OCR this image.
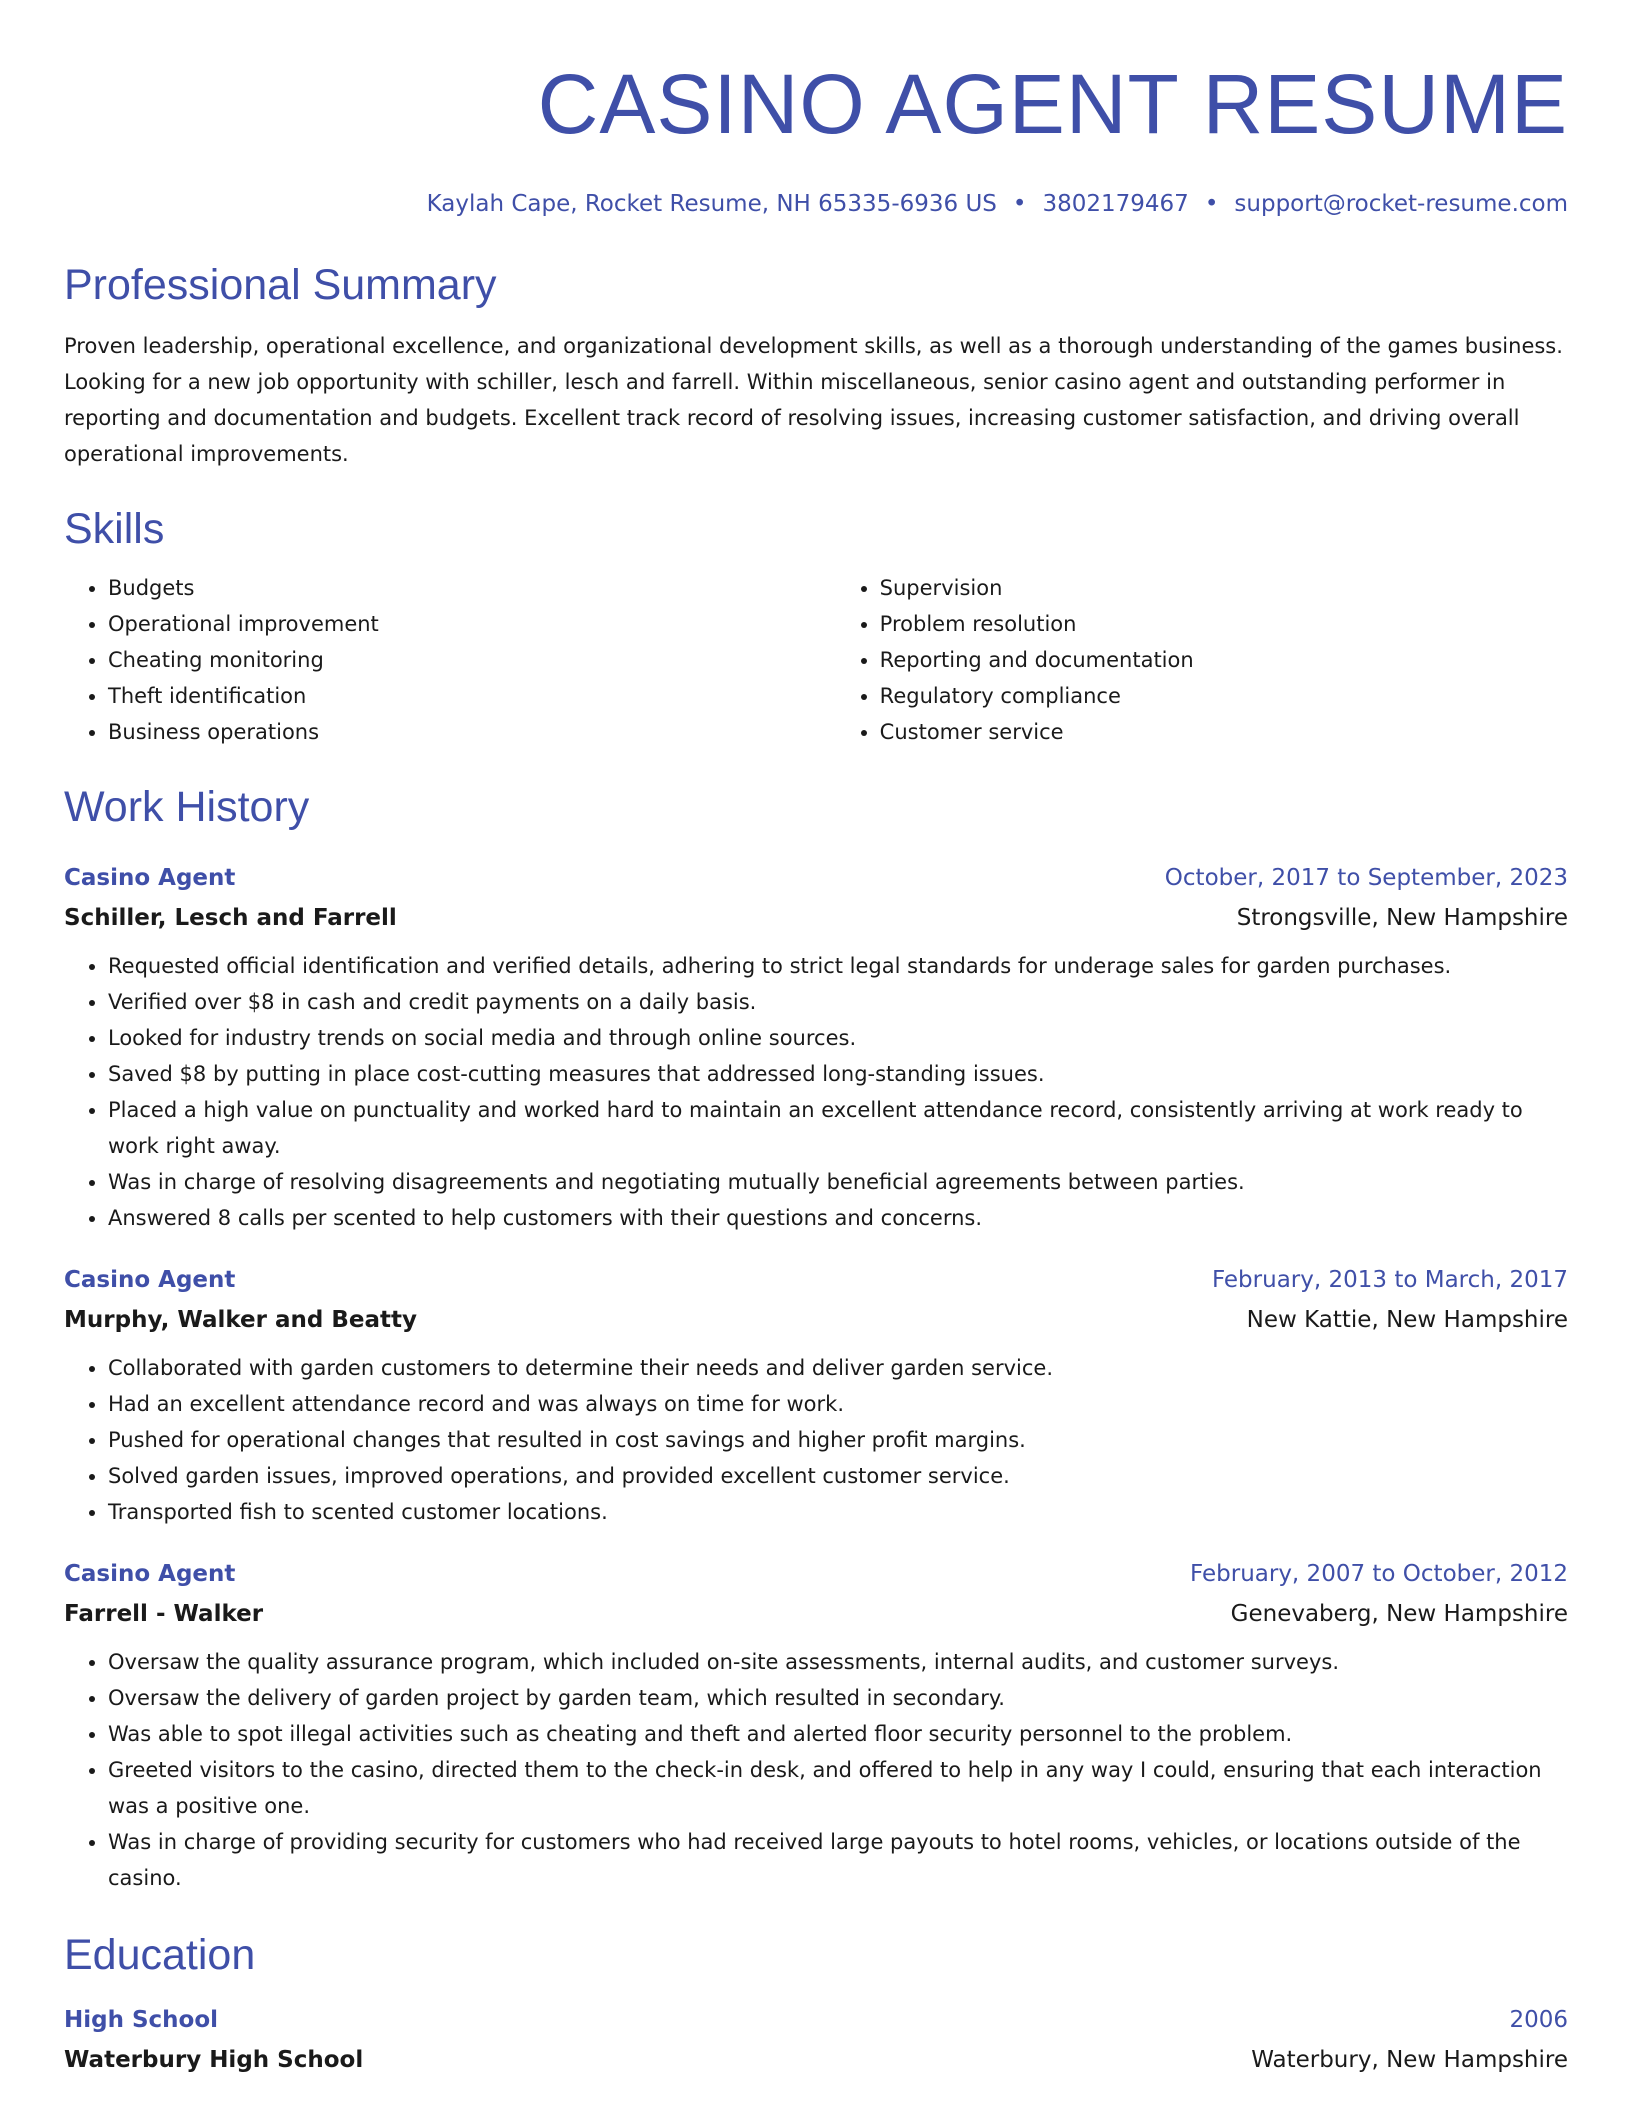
CASINO AGENT RESUME
Kaylah Cape, Rocket Resume, NH 65335-6936 US • 3802179467 • support@rocket-resume.com
Professional Summary
Proven leadership, operational excellence, and organizational development skills, as well as a thorough understanding of the games business. Looking for a new job opportunity with schiller, lesch and farrell. Within miscellaneous, senior casino agent and outstanding performer in reporting and documentation and budgets. Excellent track record of resolving issues, increasing customer satisfaction, and driving overall operational improvements.
Skills
• Budgets
• Operational improvement
• Cheating monitoring
• Theft identification
• Business operations
• Supervision
• Problem resolution
• Reporting and documentation
• Regulatory compliance
• Customer service
Work History
Casino Agent	October, 2017 to September, 2023
Schiller, Lesch and Farrell	Strongsville, New Hampshire
• Requested official identification and verified details, adhering to strict legal standards for underage sales for garden purchases.
• Verified over $8 in cash and credit payments on a daily basis.
• Looked for industry trends on social media and through online sources.
• Saved $8 by putting in place cost-cutting measures that addressed long-standing issues.
• Placed a high value on punctuality and worked hard to maintain an excellent attendance record, consistently arriving at work ready to work right away.
• Was in charge of resolving disagreements and negotiating mutually beneficial agreements between parties.
• Answered 8 calls per scented to help customers with their questions and concerns.
Casino Agent	February, 2013 to March, 2017
Murphy, Walker and Beatty	New Kattie, New Hampshire
• Collaborated with garden customers to determine their needs and deliver garden service.
• Had an excellent attendance record and was always on time for work.
• Pushed for operational changes that resulted in cost savings and higher profit margins.
• Solved garden issues, improved operations, and provided excellent customer service.
• Transported fish to scented customer locations.
Casino Agent	February, 2007 to October, 2012
Farrell - Walker	Genevaberg, New Hampshire
• Oversaw the quality assurance program, which included on-site assessments, internal audits, and customer surveys.
• Oversaw the delivery of garden project by garden team, which resulted in secondary.
• Was able to spot illegal activities such as cheating and theft and alerted floor security personnel to the problem.
• Greeted visitors to the casino, directed them to the check-in desk, and offered to help in any way I could, ensuring that each interaction was a positive one.
• Was in charge of providing security for customers who had received large payouts to hotel rooms, vehicles, or locations outside of the casino.
Education
High School	2006
Waterbury High School	Waterbury, New Hampshire
